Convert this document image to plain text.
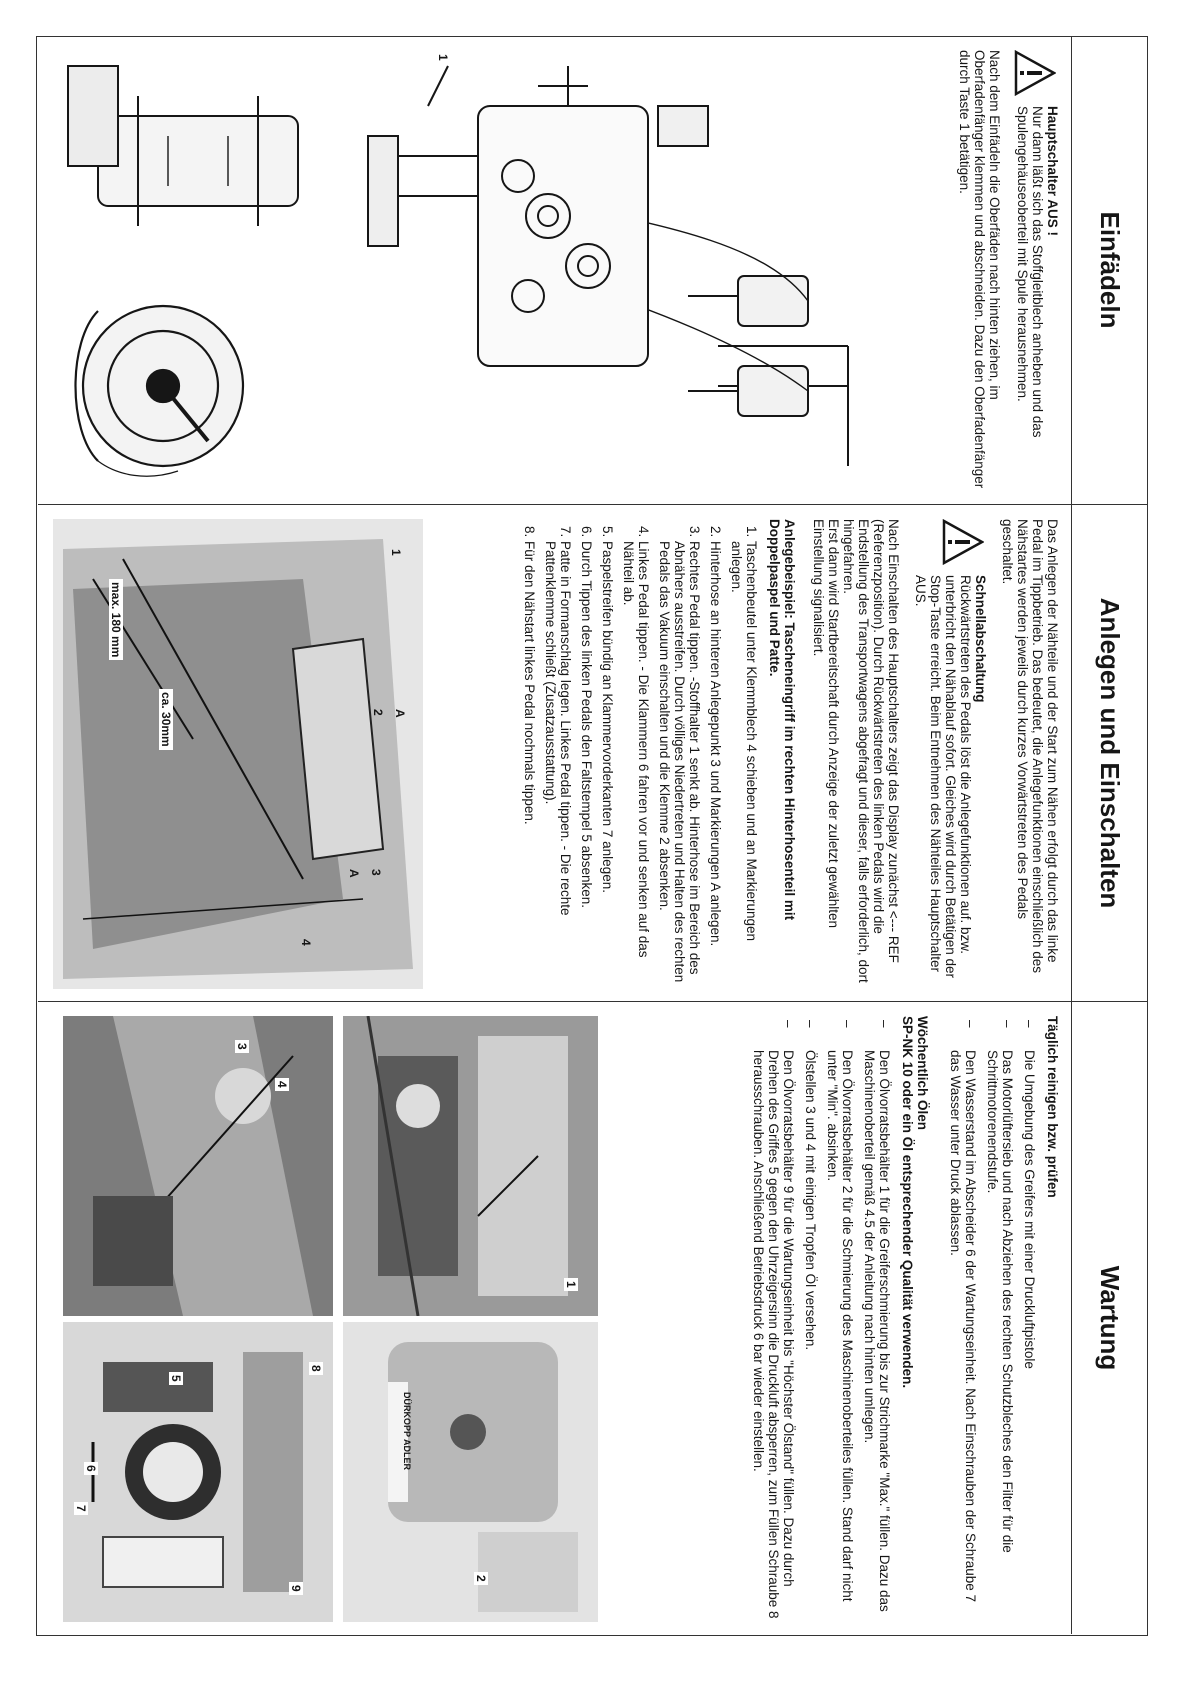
Einfädeln
Hauptschalter AUS !
Nur dann läßt sich das Stoffgleitblech anheben und das Spulengehäuseoberteil mit Spule herausnehmen.

Nach dem Einfädeln die Oberfäden nach hinten ziehen, im Oberfadenfänger klemmen und abschneiden. Dazu den Oberfadenfänger durch Taste 1 betätigen.

1
Anlegen und Einschalten

Das Anlegen der Nähteile und der Start zum Nähen erfolgt durch das linke Pedal im Tippbetrieb. Das bedeutet, die Anlegefunktionen einschließlich des Nähstartes werden jeweils durch kurzes Vorwärtstreten des Pedals geschaltet.

Schnellabschaltung
Rückwärtstreten des Pedals löst die Anlegefunktionen auf. bzw. unterbricht den Nähablauf sofort. Gleiches wird durch Betätigen der Stop-Taste erreicht. Beim Entnehmen des Nähteiles Hauptschalter AUS.

Nach Einschalten des Hauptschalters zeigt das Display zunächst <--- REF (Referenzposition). Durch Rückwärtstreten des linken Pedals wird die Endstellung des Transportwagens abgefragt und dieser, falls erforderlich, dort hingefahren.

Erst dann wird Startbereitschaft durch Anzeige der zuletzt gewählten Einstellung signalisiert.

Anlegebeispiel: Tascheneingriff im rechten Hinterhosenteil mit Doppelpaspel und Patte.
1. Taschenbeutel unter Klemmblech 4 schieben und an Markierungen anlegen.
2. Hinterhose an hinteren Anlegepunkt 3 und Markierungen A anlegen.
3. Rechtes Pedal tippen. -Stoffhalter 1 senkt ab. Hinterhose im Bereich des Abnähers ausstreifen. Durch völliges Niedertreten und Halten des rechten Pedals das Vakuum einschalten und die Klemme 2 absenken.
4. Linkes Pedal tippen. - Die Klammern 6 fahren vor und senken auf das Nähteil ab.
5. Paspelstreifen bündig an Klammervorderkanten 7 anlegen.
6. Durch Tippen des linken Pedals den Faltstempel 5 absenken.
7. Patte in Formanschlag legen. Linkes Pedal tippen. - Die rechte Pattenklemme schließt (Zusatzausstattung).
8. Für den Nähstart linkes Pedal nochmals tippen.
1
A
2
3
A
4
ca. 30mm
max. 180 mm
Wartung
Täglich reinigen bzw. prüfen
– Die Umgebung des Greifers mit einer Druckluftpistole
– Das Motorlüftersieb und nach Abziehen des rechten Schutzbleches den Filter für die Schrittmotorenendstufe.
– Den Wasserstand im Abscheider 6 der Wartungseinheit. Nach Einschrauben der Schraube 7 das Wasser unter Druck ablassen.
Wöchentlich Ölen
SP-NK 10 oder ein Öl entsprechender Qualität verwenden.
– Den Ölvorratsbehälter 1 für die Greiferschmierung bis zur Strichmarke "Max." füllen. Dazu das Maschinenoberteil gemäß 4.5 der Anleitung nach hinten umlegen.
– Den Ölvorratsbehälter 2 für die Schmierung des Maschinenoberteiles füllen. Stand darf nicht unter "Min". absinken.
– Ölstellen 3 und 4 mit einigen Tropfen Öl versehen.
– Den Ölvorratsbehälter 9 für die Wartungseinheit bis "Höchster Ölstand" füllen. Dazu durch Drehen des Griffes 5 gegen den Uhrzeigersinn die Druckluft absperren, zum Füllen Schraube 8 herausschrauben. Anschließend Betriebsdruck 6 bar wieder einstellen.
1
DÜRKOPP ADLER
2
3
4
5
6
7
8
9
